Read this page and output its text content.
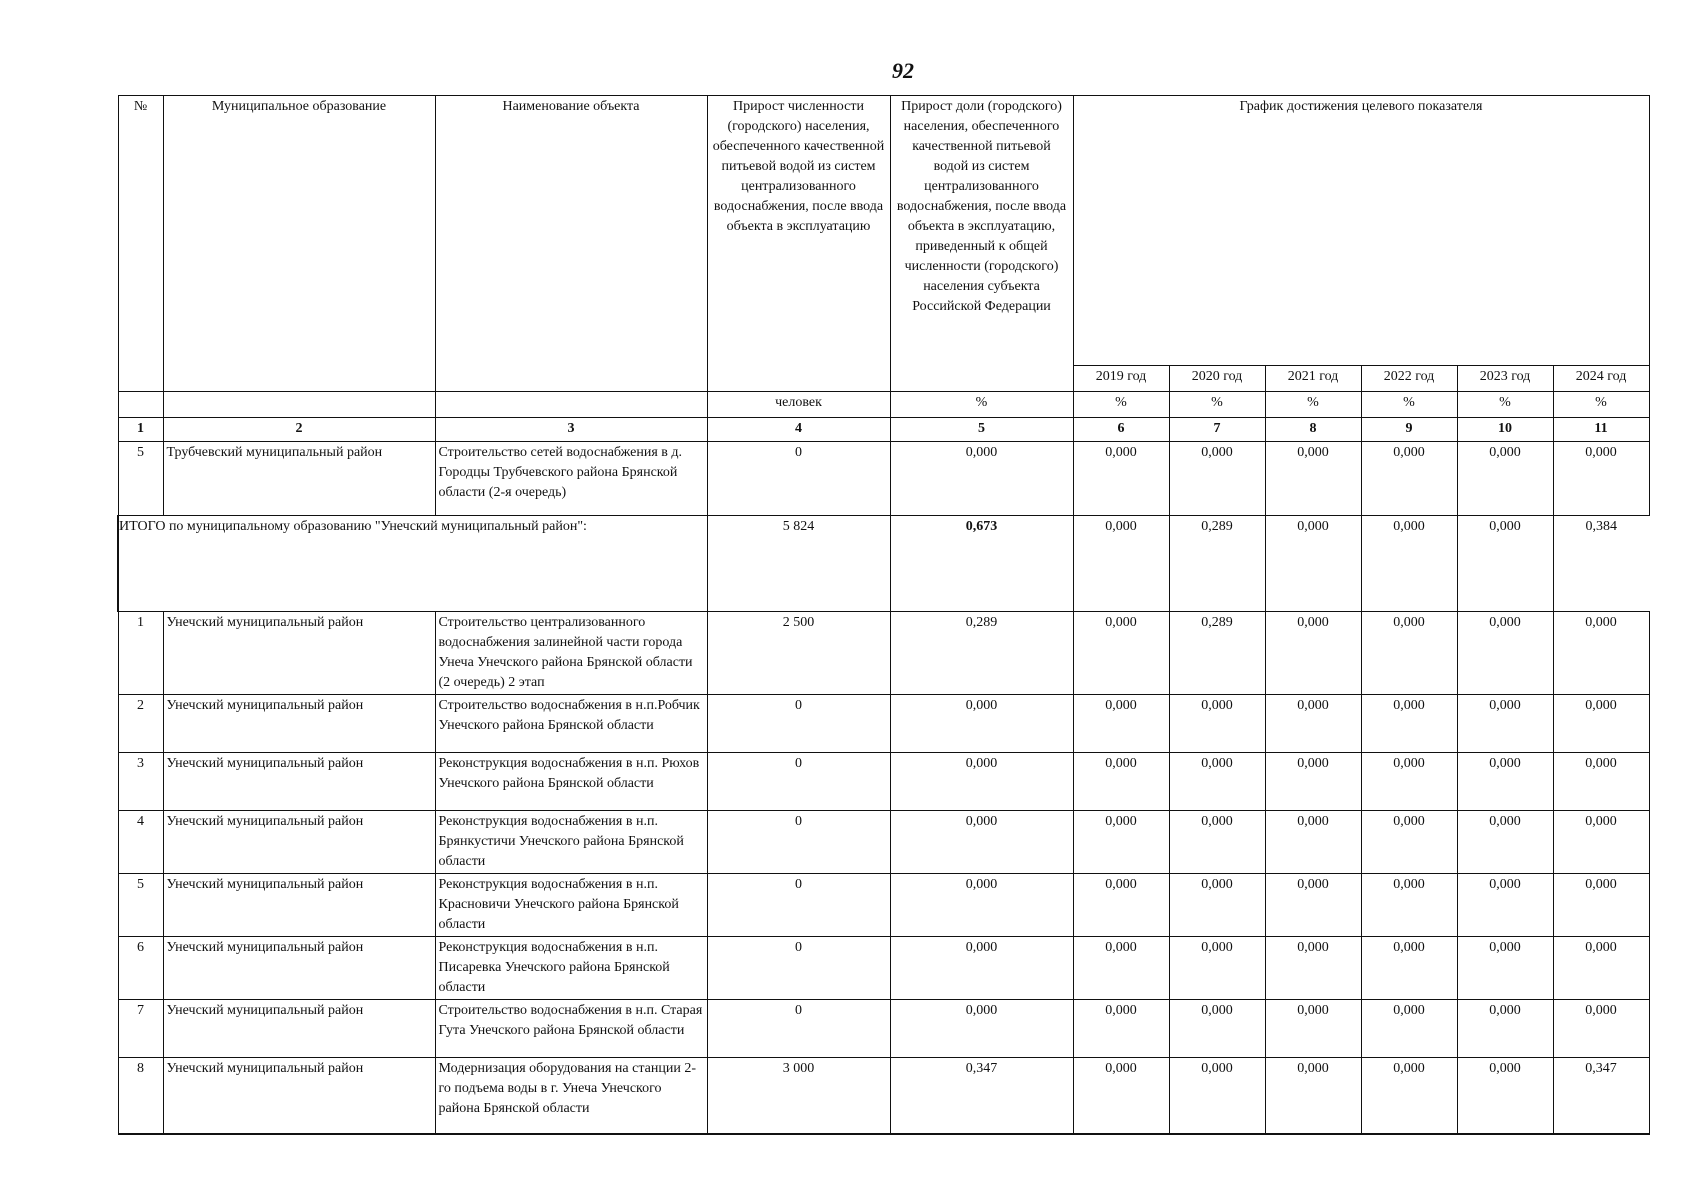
92
№	Муниципальное образование	Наименование объекта	Прирост численности (городского) населения, обеспеченного качественной питьевой водой из систем централизованного водоснабжения, после ввода объекта в эксплуатацию	Прирост доли (городского) населения, обеспеченного качественной питьевой водой из систем централизованного водоснабжения, после ввода объекта в эксплуатацию, приведенный к общей численности (городского) населения субъекта Российской Федерации	График достижения целевого показателя					
					2019 год	2020 год	2021 год	2022 год	2023 год	2024 год
			человек	%	%	%	%	%	%	%
1	2	3	4	5	6	7	8	9	10	11
5	Трубчевский муниципальный район	Строительство сетей водоснабжения в д. Городцы Трубчевского района Брянской области (2-я очередь)	0	0,000	0,000	0,000	0,000	0,000	0,000	0,000
ИТОГО по муниципальному образованию "Унечский муниципальный район":			5 824	0,673	0,000	0,289	0,000	0,000	0,000	0,384
1	Унечский муниципальный район	Строительство централизованного водоснабжения залинейной части города Унеча Унечского района Брянской области (2 очередь) 2 этап	2 500	0,289	0,000	0,289	0,000	0,000	0,000	0,000
2	Унечский муниципальный район	Строительство водоснабжения в н.п.Робчик Унечского района Брянской области	0	0,000	0,000	0,000	0,000	0,000	0,000	0,000
3	Унечский муниципальный район	Реконструкция водоснабжения в н.п. Рюхов Унечского района Брянской области	0	0,000	0,000	0,000	0,000	0,000	0,000	0,000
4	Унечский муниципальный район	Реконструкция водоснабжения в н.п. Брянкустичи Унечского района Брянской области	0	0,000	0,000	0,000	0,000	0,000	0,000	0,000
5	Унечский муниципальный район	Реконструкция водоснабжения в н.п. Красновичи Унечского района Брянской области	0	0,000	0,000	0,000	0,000	0,000	0,000	0,000
6	Унечский муниципальный район	Реконструкция водоснабжения в н.п. Писаревка Унечского района Брянской области	0	0,000	0,000	0,000	0,000	0,000	0,000	0,000
7	Унечский муниципальный район	Строительство водоснабжения в н.п. Старая Гута Унечского района Брянской области	0	0,000	0,000	0,000	0,000	0,000	0,000	0,000
8	Унечский муниципальный район	Модернизация оборудования на станции 2-го подъема воды в г. Унеча Унечского района Брянской области	3 000	0,347	0,000	0,000	0,000	0,000	0,000	0,347
